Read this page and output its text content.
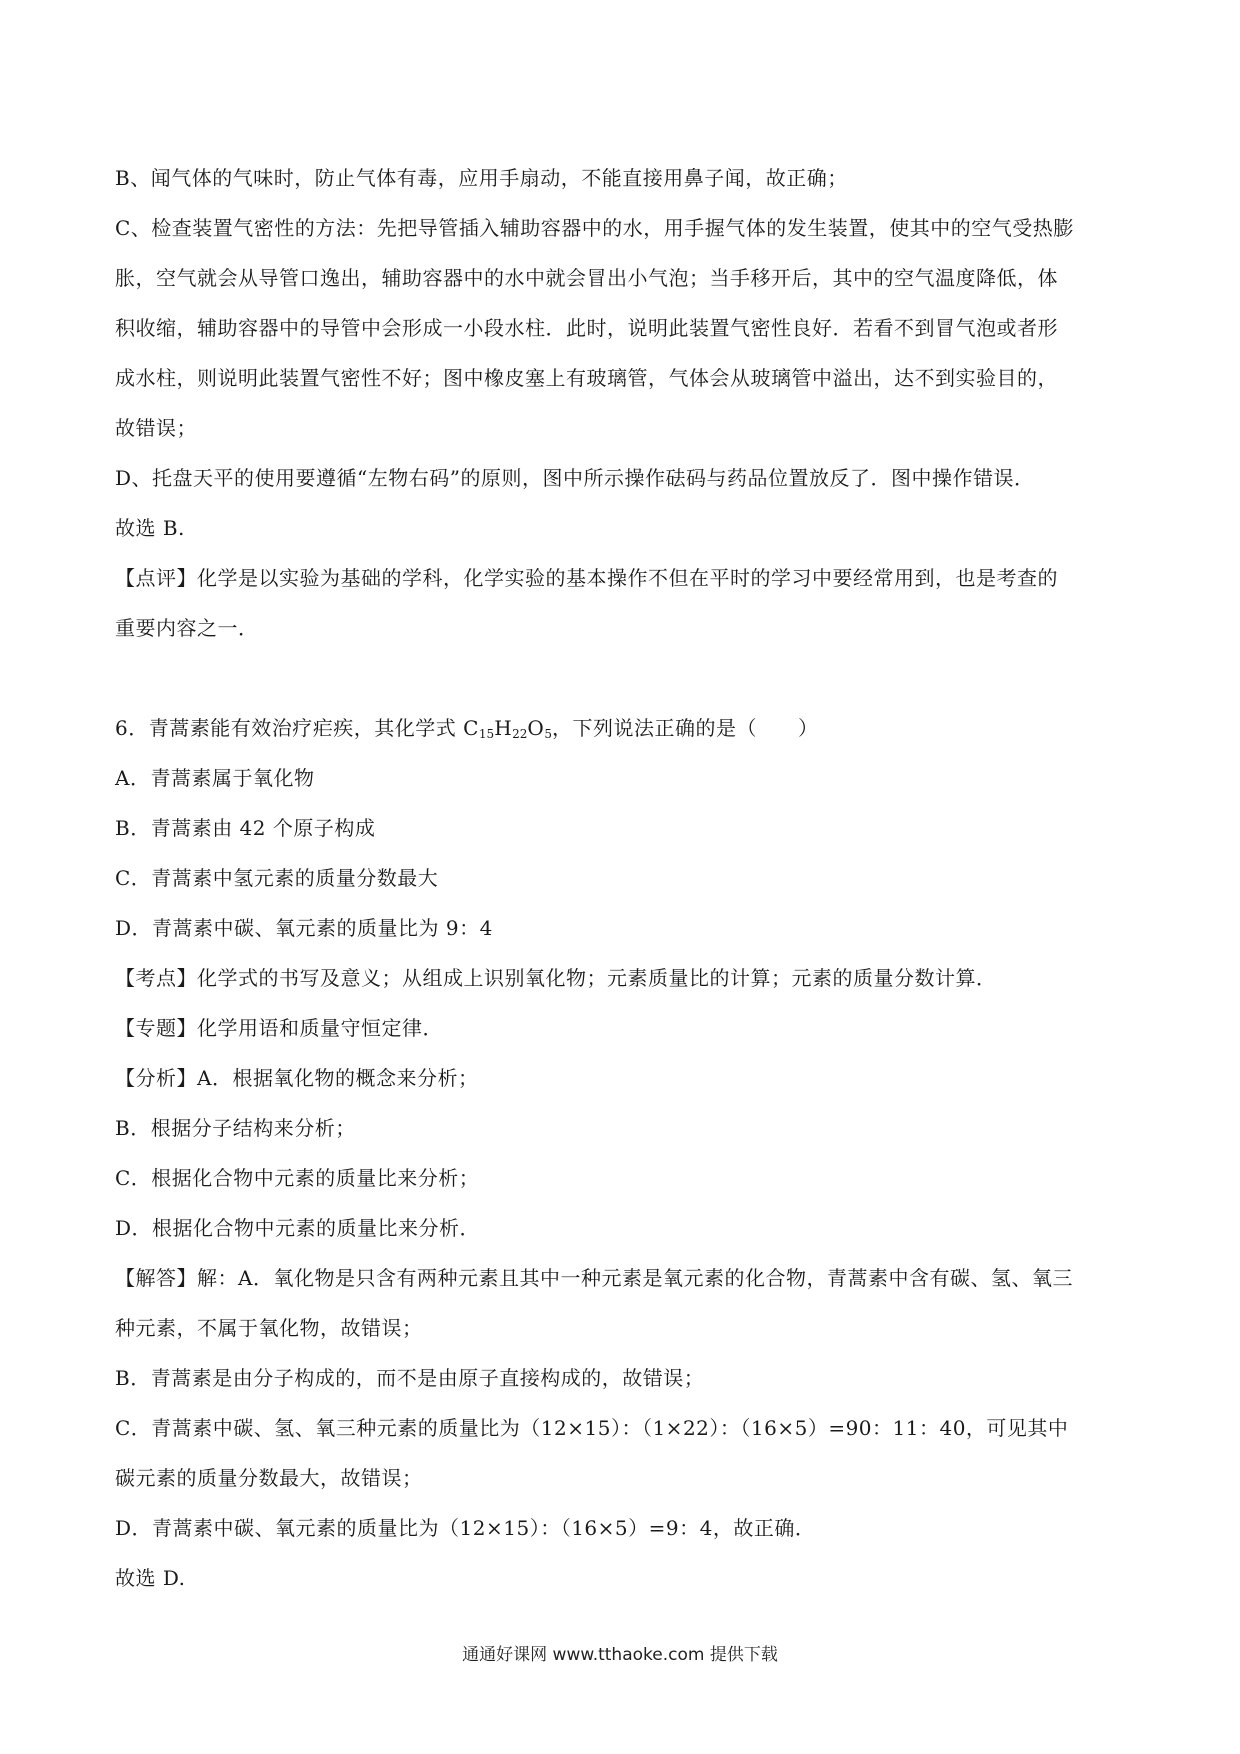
B、闻气体的气味时，防止气体有毒，应用手扇动，不能直接用鼻子闻，故正确；
C、检查装置气密性的方法：先把导管插入辅助容器中的水，用手握气体的发生装置，使其中的空气受热膨
胀，空气就会从导管口逸出，辅助容器中的水中就会冒出小气泡；当手移开后，其中的空气温度降低，体
积收缩，辅助容器中的导管中会形成一小段水柱．此时，说明此装置气密性良好．若看不到冒气泡或者形
成水柱，则说明此装置气密性不好；图中橡皮塞上有玻璃管，气体会从玻璃管中溢出，达不到实验目的，
故错误；
D、托盘天平的使用要遵循“左物右码”的原则，图中所示操作砝码与药品位置放反了．图中操作错误．
故选 B.
【点评】化学是以实验为基础的学科，化学实验的基本操作不但在平时的学习中要经常用到，也是考查的
重要内容之一．
6．青蒿素能有效治疗疟疾，其化学式 $C_{15}H_{22}O_5$，下列说法正确的是（　　）
A．青蒿素属于氧化物
B．青蒿素由 42 个原子构成
C．青蒿素中氢元素的质量分数最大
D．青蒿素中碳、氧元素的质量比为 9：4
【考点】化学式的书写及意义；从组成上识别氧化物；元素质量比的计算；元素的质量分数计算．
【专题】化学用语和质量守恒定律．
【分析】A．根据氧化物的概念来分析；
B．根据分子结构来分析；
C．根据化合物中元素的质量比来分析；
D．根据化合物中元素的质量比来分析．
【解答】解：A．氧化物是只含有两种元素且其中一种元素是氧元素的化合物，青蒿素中含有碳、氢、氧三
种元素，不属于氧化物，故错误；
B．青蒿素是由分子构成的，而不是由原子直接构成的，故错误；
C．青蒿素中碳、氢、氧三种元素的质量比为（12×15）：（1×22）：（16×5）=90：11：40，可见其中
碳元素的质量分数最大，故错误；
D．青蒿素中碳、氧元素的质量比为（12×15）：（16×5）=9：4，故正确．
故选 D.
通通好课网 www.tthaoke.com 提供下载
